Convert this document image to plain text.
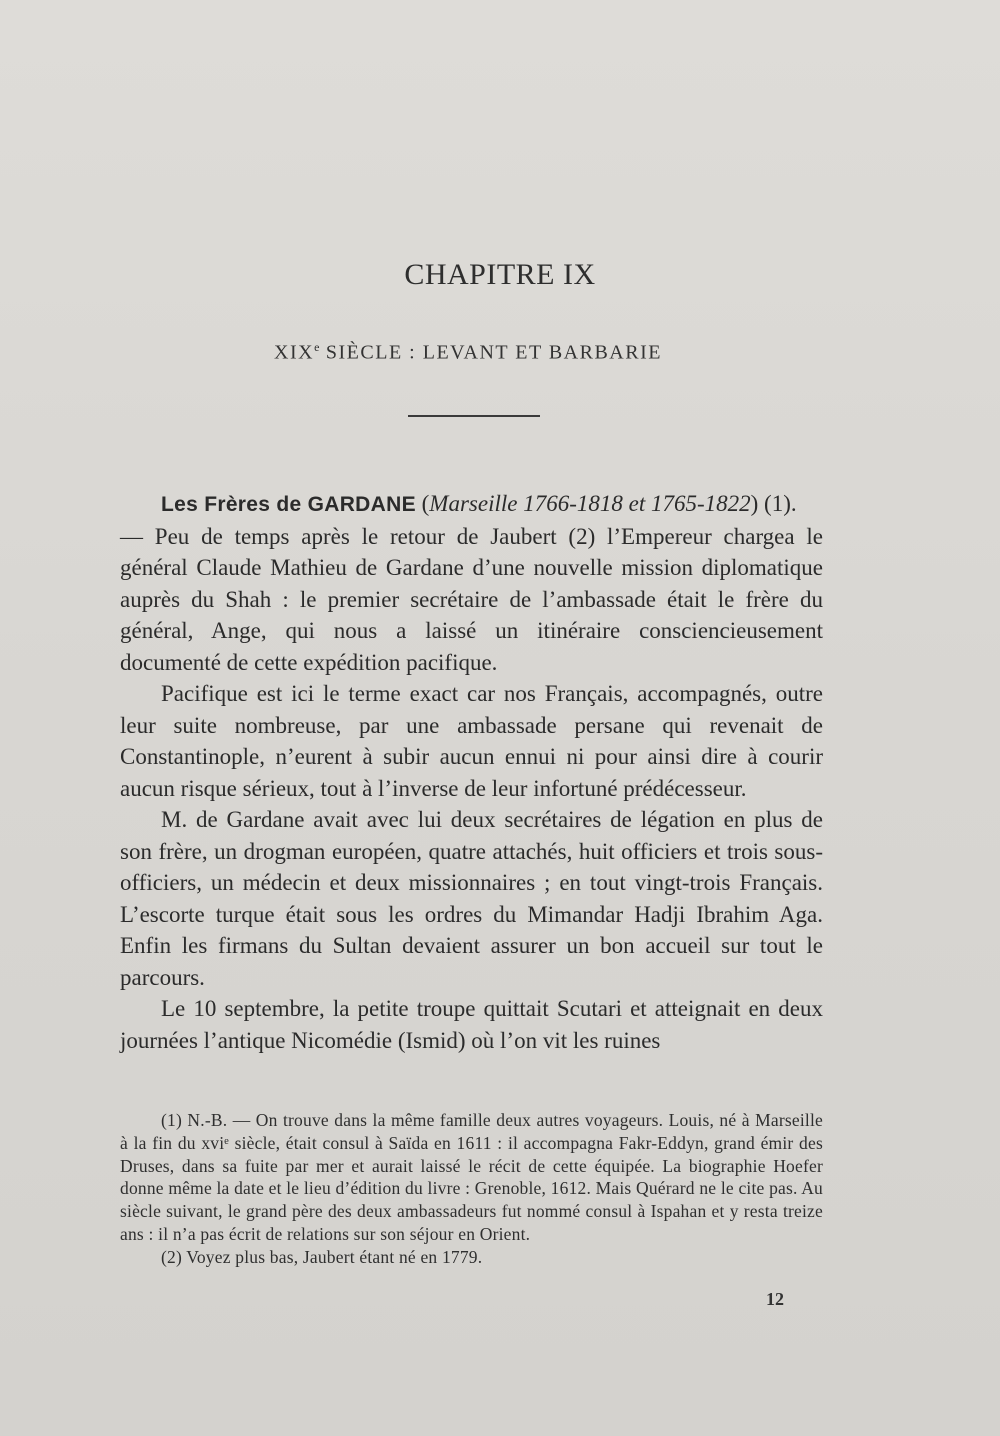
CHAPITRE IX
XIXe SIÈCLE : LEVANT ET BARBARIE

Les Frères de GARDANE (Marseille 1766-1818 et 1765-1822) (1).
— Peu de temps après le retour de Jaubert (2) l’Empereur chargea le général Claude Mathieu de Gardane d’une nouvelle mission diplomatique auprès du Shah : le premier secrétaire de l’ambassade était le frère du général, Ange, qui nous a laissé un itinéraire consciencieusement documenté de cette expédition pacifique.

Pacifique est ici le terme exact car nos Français, accompagnés, outre leur suite nombreuse, par une ambassade persane qui revenait de Constantinople, n’eurent à subir aucun ennui ni pour ainsi dire à courir aucun risque sérieux, tout à l’inverse de leur infortuné prédécesseur.

M. de Gardane avait avec lui deux secrétaires de légation en plus de son frère, un drogman européen, quatre attachés, huit officiers et trois sous-officiers, un médecin et deux missionnaires ; en tout vingt-trois Français. L’escorte turque était sous les ordres du Mimandar Hadji Ibrahim Aga. Enfin les firmans du Sultan devaient assurer un bon accueil sur tout le parcours.

Le 10 septembre, la petite troupe quittait Scutari et atteignait en deux journées l’antique Nicomédie (Ismid) où l’on vit les ruines

(1) N.-B. — On trouve dans la même famille deux autres voyageurs. Louis, né à Marseille à la fin du xviᵉ siècle, était consul à Saïda en 1611 : il accompagna Fakr-Eddyn, grand émir des Druses, dans sa fuite par mer et aurait laissé le récit de cette équipée. La biographie Hoefer donne même la date et le lieu d’édition du livre : Grenoble, 1612. Mais Quérard ne le cite pas. Au siècle suivant, le grand père des deux ambassadeurs fut nommé consul à Ispahan et y resta treize ans : il n’a pas écrit de relations sur son séjour en Orient.

(2) Voyez plus bas, Jaubert étant né en 1779.

12
